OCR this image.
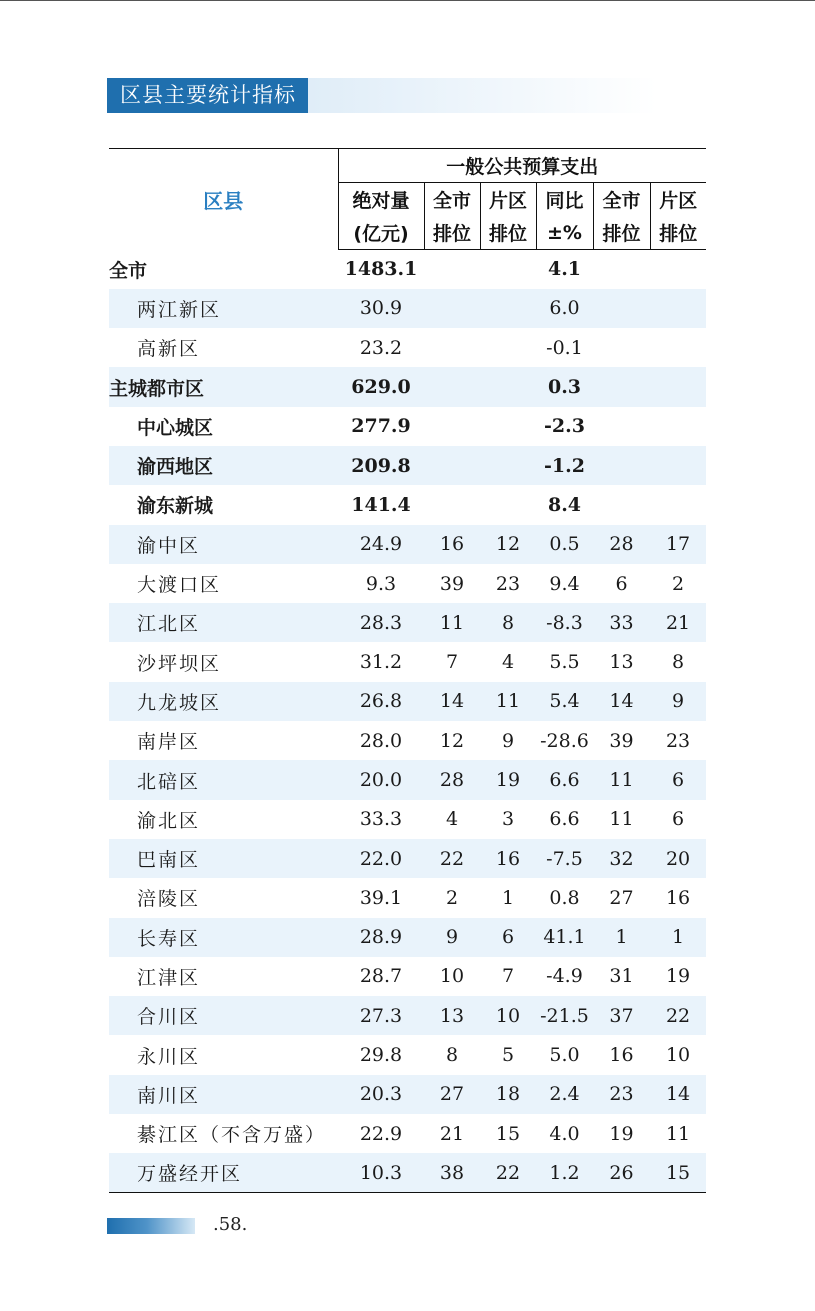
区县主要统计指标
区县	一般公共预算支出					
	绝对量	全市	片区	同比	全市	片区
	(亿元)	排位	排位	±%	排位	排位
全市	1483.1			4.1		
两江新区	30.9			6.0		
高新区	23.2			-0.1		
主城都市区	629.0			0.3		
中心城区	277.9			-2.3		
渝西地区	209.8			-1.2		
渝东新城	141.4			8.4		
渝中区	24.9	16	12	0.5	28	17
大渡口区	9.3	39	23	9.4	6	2
江北区	28.3	11	8	-8.3	33	21
沙坪坝区	31.2	7	4	5.5	13	8
九龙坡区	26.8	14	11	5.4	14	9
南岸区	28.0	12	9	-28.6	39	23
北碚区	20.0	28	19	6.6	11	6
渝北区	33.3	4	3	6.6	11	6
巴南区	22.0	22	16	-7.5	32	20
涪陵区	39.1	2	1	0.8	27	16
长寿区	28.9	9	6	41.1	1	1
江津区	28.7	10	7	-4.9	31	19
合川区	27.3	13	10	-21.5	37	22
永川区	29.8	8	5	5.0	16	10
南川区	20.3	27	18	2.4	23	14
綦江区（不含万盛）	22.9	21	15	4.0	19	11
万盛经开区	10.3	38	22	1.2	26	15
.58.
